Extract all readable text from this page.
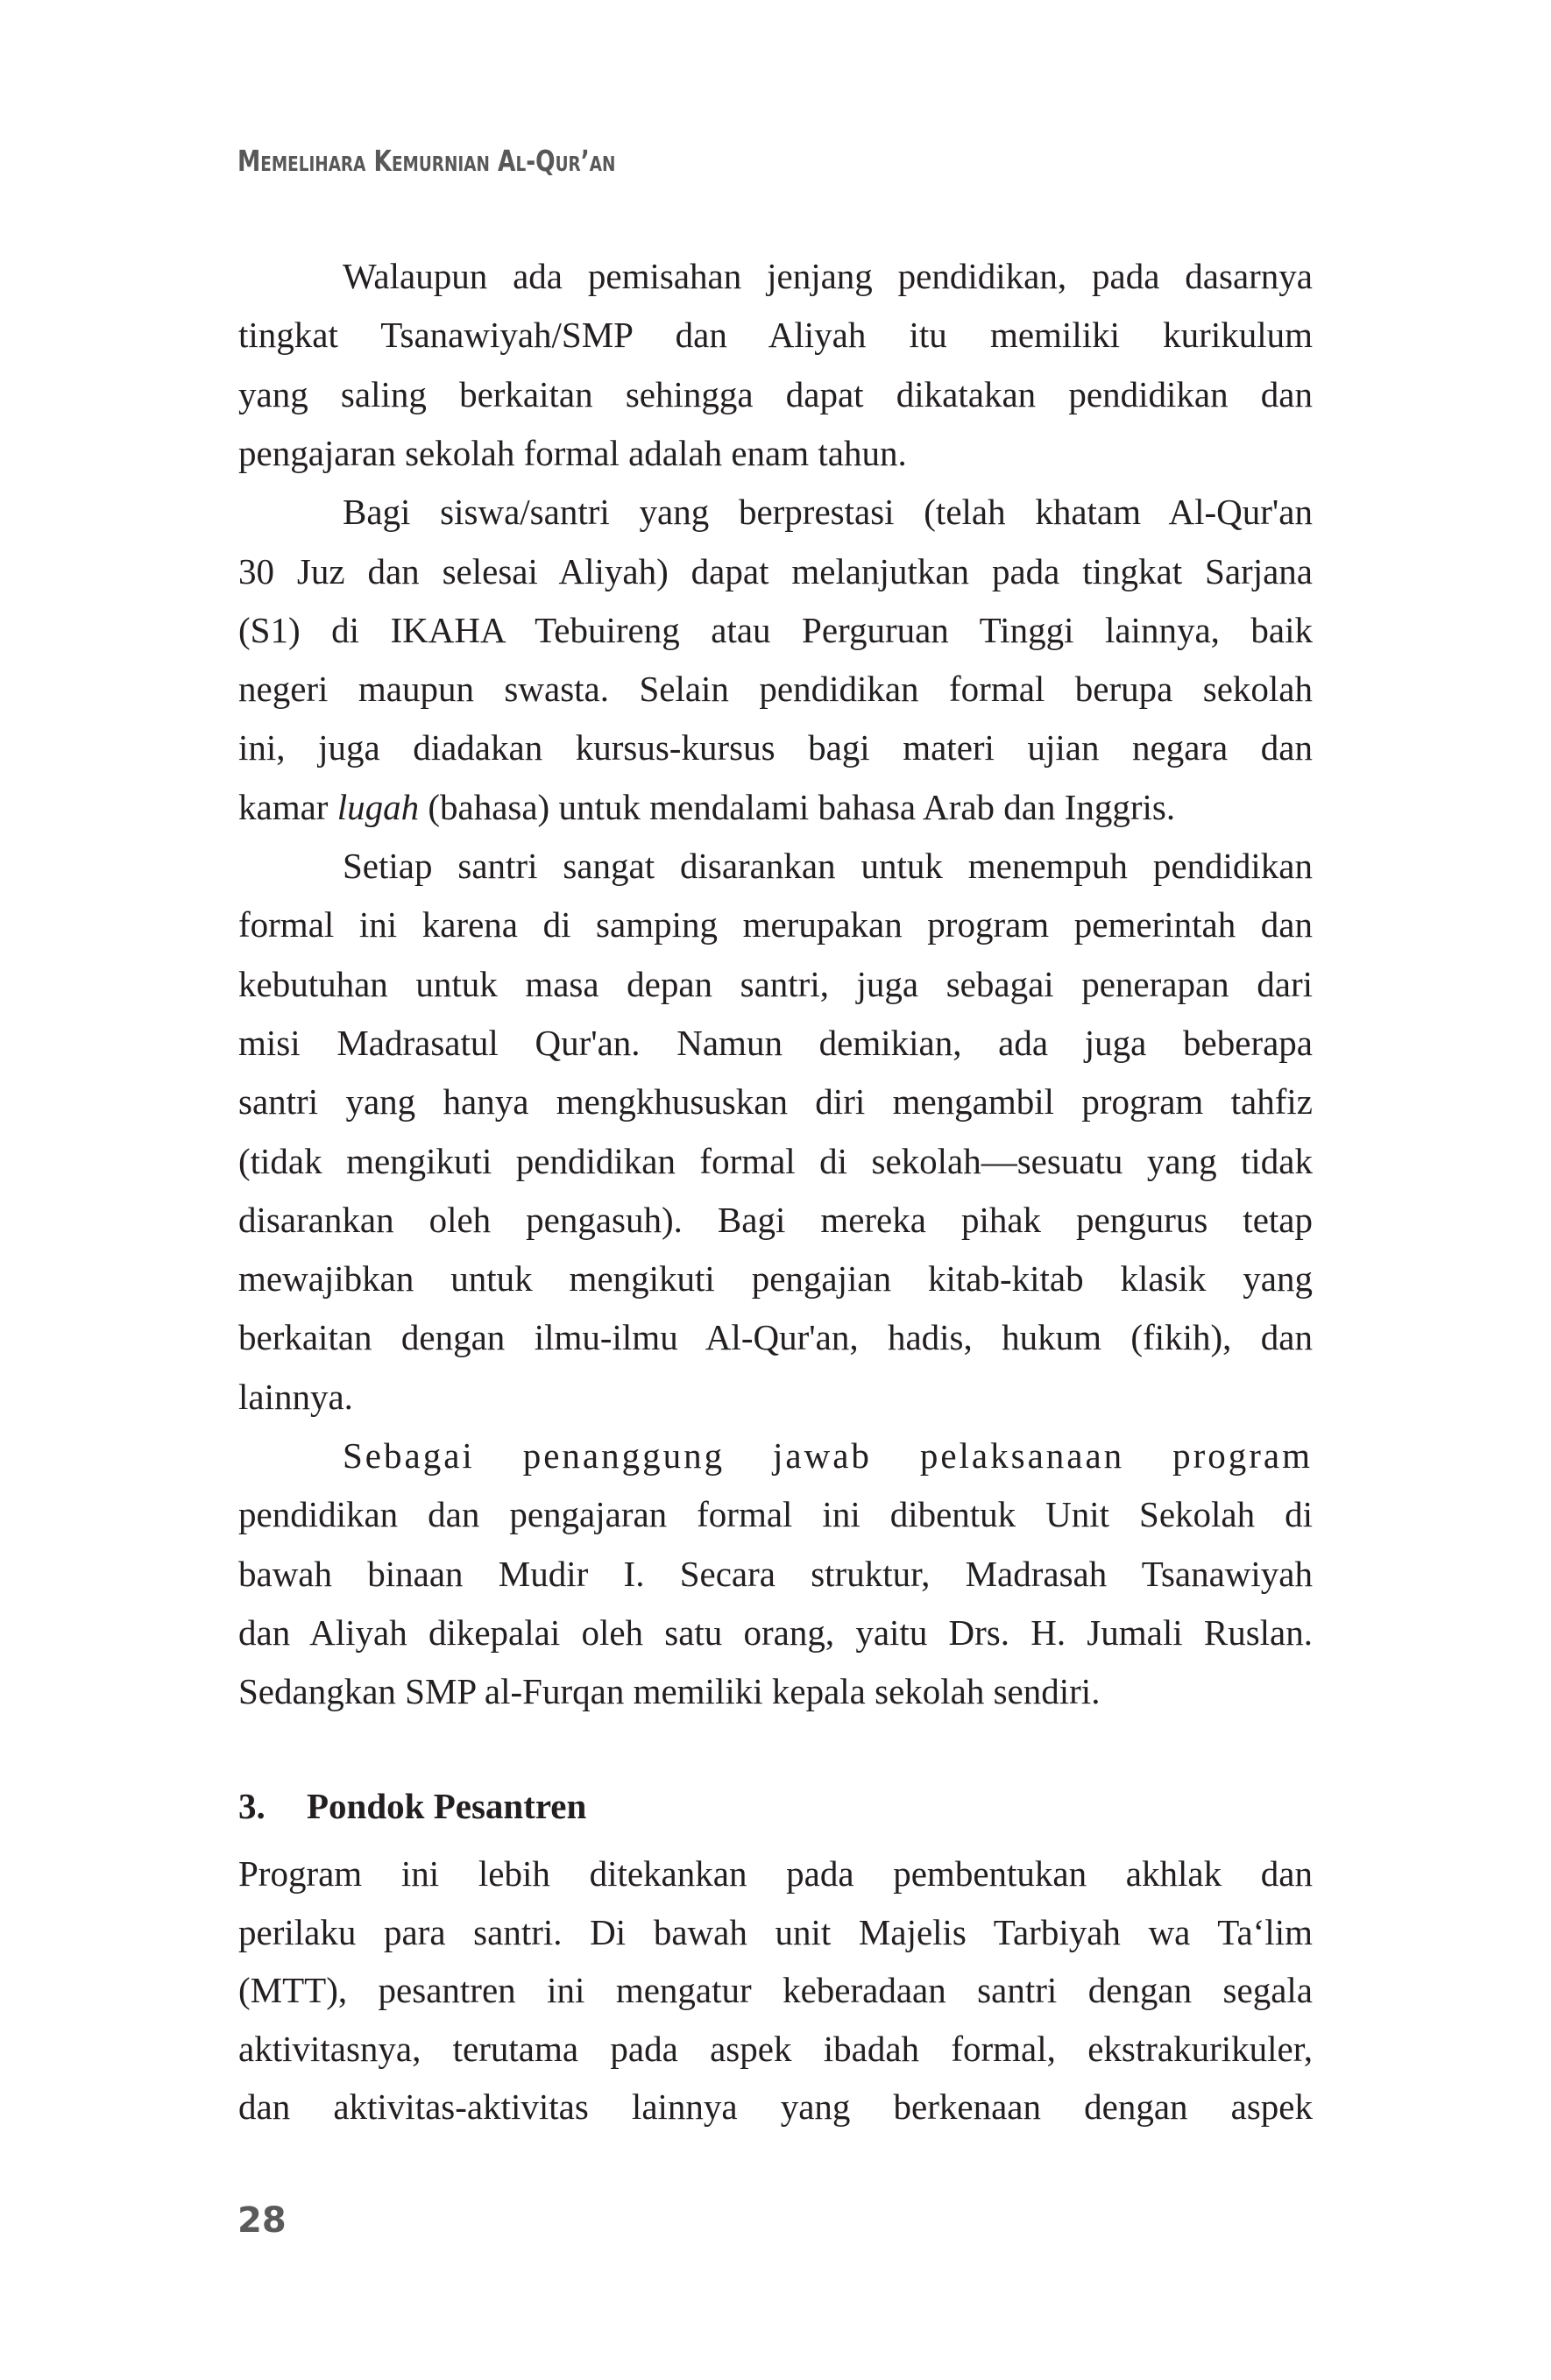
Memelihara Kemurnian Al-Qur’an
Walaupun ada pemisahan jenjang pendidikan, pada dasarnya
tingkat Tsanawiyah/SMP dan Aliyah itu memiliki kurikulum
yang saling berkaitan sehingga dapat dikatakan pendidikan dan
pengajaran sekolah formal adalah enam tahun.
Bagi siswa/santri yang berprestasi (telah khatam Al-Qur'an
30 Juz dan selesai Aliyah) dapat melanjutkan pada tingkat Sarjana
(S1) di IKAHA Tebuireng atau Perguruan Tinggi lainnya, baik
negeri maupun swasta. Selain pendidikan formal berupa sekolah
ini, juga diadakan kursus-kursus bagi materi ujian negara dan
kamar lugah (bahasa) untuk mendalami bahasa Arab dan Inggris.
Setiap santri sangat disarankan untuk menempuh pendidikan
formal ini karena di samping merupakan program pemerintah dan
kebutuhan untuk masa depan santri, juga sebagai penerapan dari
misi Madrasatul Qur'an. Namun demikian, ada juga beberapa
santri yang hanya mengkhususkan diri mengambil program tahfiz
(tidak mengikuti pendidikan formal di sekolah—sesuatu yang tidak
disarankan oleh pengasuh). Bagi mereka pihak pengurus tetap
mewajibkan untuk mengikuti pengajian kitab-kitab klasik yang
berkaitan dengan ilmu-ilmu Al-Qur'an, hadis, hukum (fikih), dan
lainnya.
Sebagai penanggung jawab pelaksanaan program
pendidikan dan pengajaran formal ini dibentuk Unit Sekolah di
bawah binaan Mudir I. Secara struktur, Madrasah Tsanawiyah
dan Aliyah dikepalai oleh satu orang, yaitu Drs. H. Jumali Ruslan.
Sedangkan SMP al-Furqan memiliki kepala sekolah sendiri.
3. Pondok Pesantren
Program ini lebih ditekankan pada pembentukan akhlak dan
perilaku para santri. Di bawah unit Majelis Tarbiyah wa Ta‘lim
(MTT), pesantren ini mengatur keberadaan santri dengan segala
aktivitasnya, terutama pada aspek ibadah formal, ekstrakurikuler,
dan aktivitas-aktivitas lainnya yang berkenaan dengan aspek
28
